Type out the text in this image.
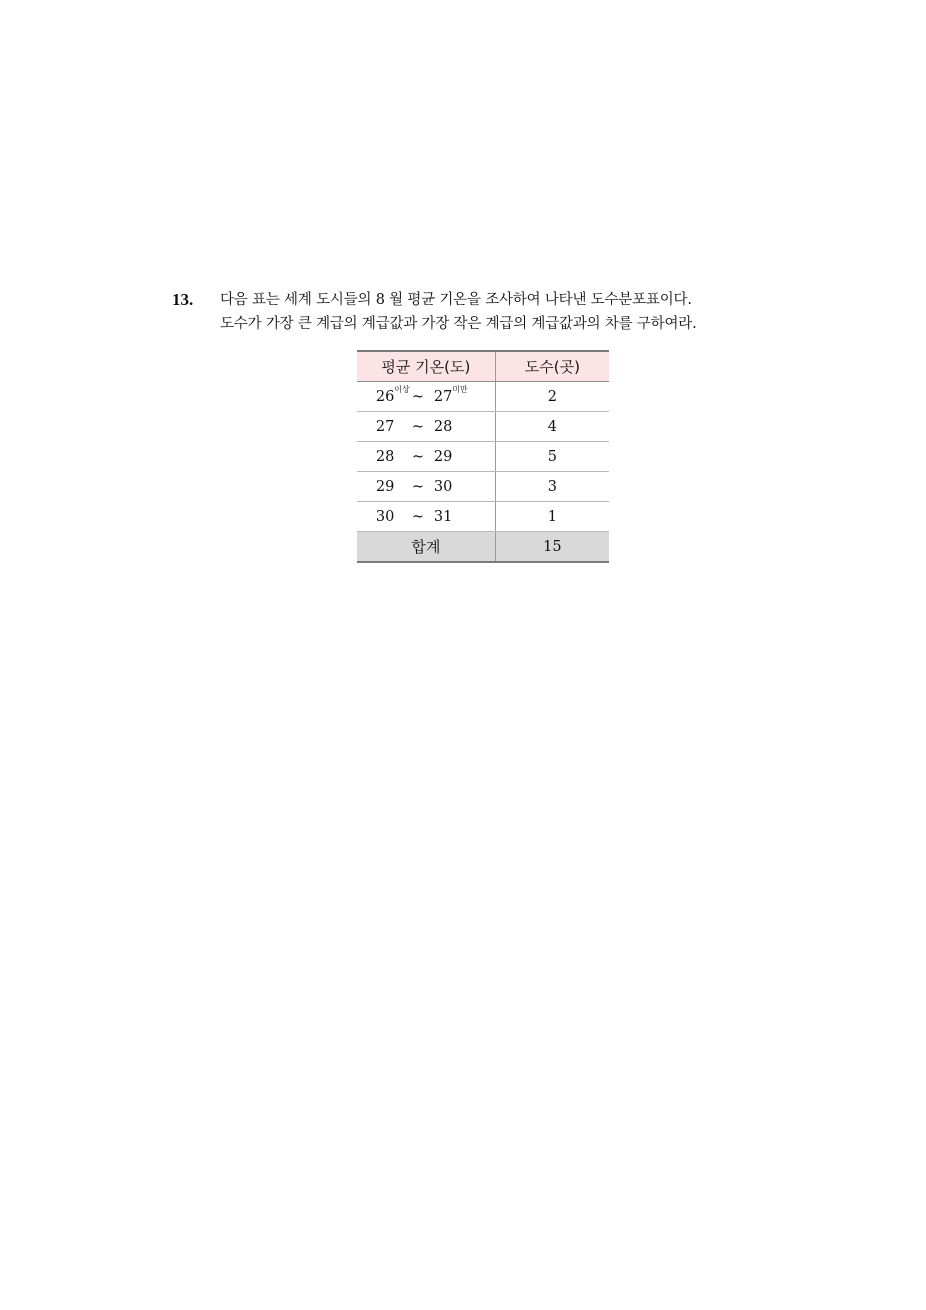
13. 다음 표는 세계 도시들의 8 월 평균 기온을 조사하여 나타낸 도수분포표이다.
도수가 가장 큰 계급의 계급값과 가장 작은 계급의 계급값과의 차를 구하여라.
평균 기온(도)	도수(곳)
$26^{이상}$ ~ $27^{미만}$	2
27 ~ 28	4
28 ~ 29	5
29 ~ 30	3
30 ~ 31	1
합계	15
